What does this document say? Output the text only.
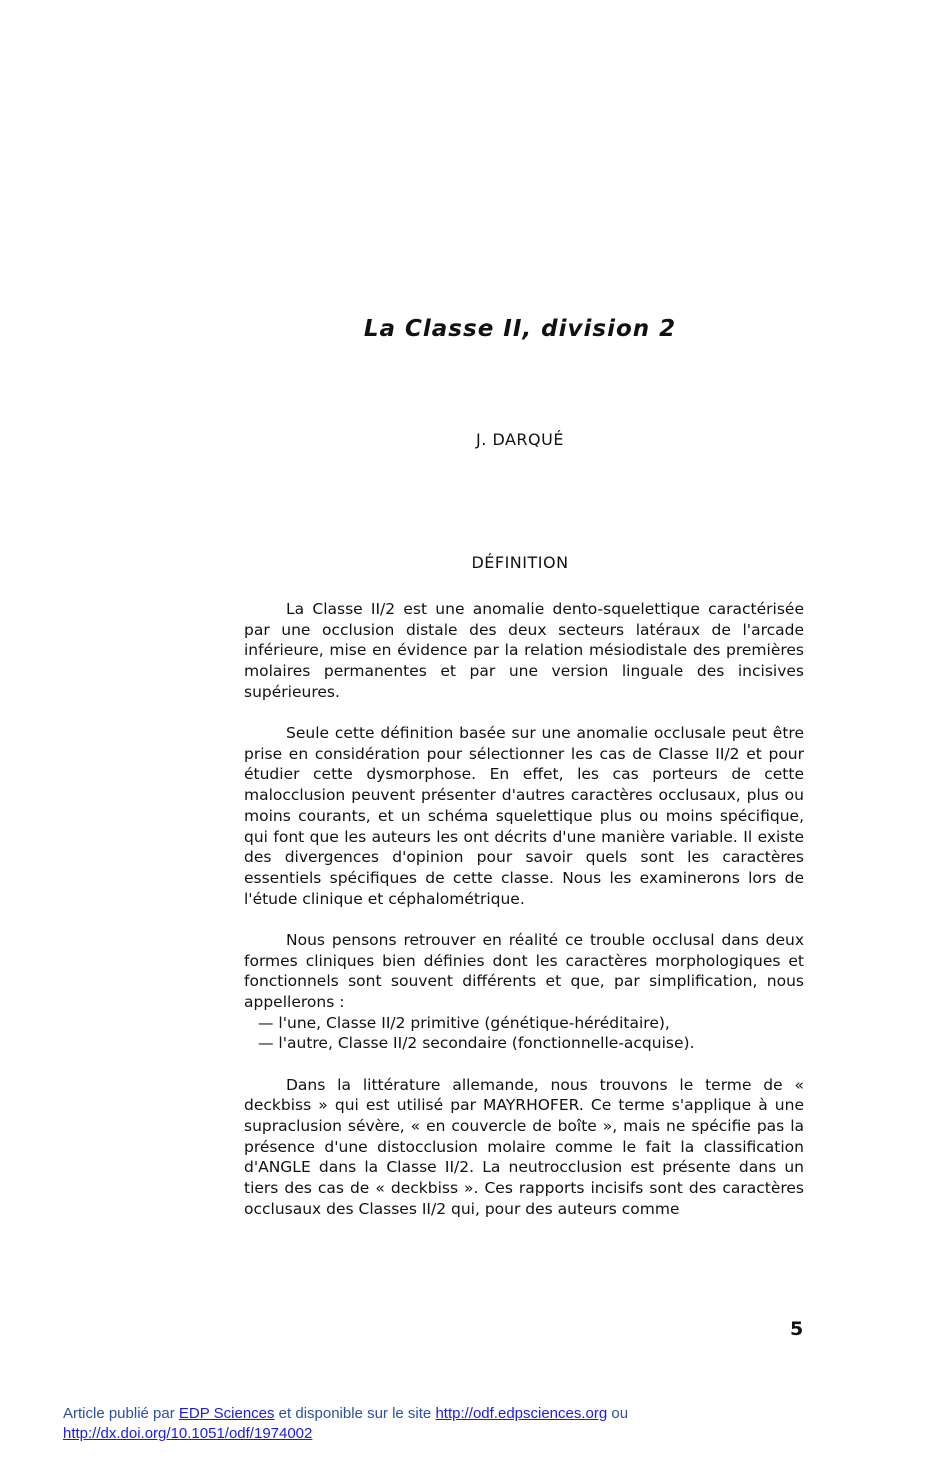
La Classe II, division 2
J. DARQUÉ
DÉFINITION

La Classe II/2 est une anomalie dento-squelettique caractérisée par une occlusion distale des deux secteurs latéraux de l'arcade inférieure, mise en évidence par la relation mésiodistale des premières molaires permanentes et par une version linguale des incisives supérieures.

Seule cette définition basée sur une anomalie occlusale peut être prise en considération pour sélectionner les cas de Classe II/2 et pour étudier cette dysmorphose. En effet, les cas porteurs de cette malocclusion peuvent présenter d'autres caractères occlusaux, plus ou moins courants, et un schéma squelettique plus ou moins spécifique, qui font que les auteurs les ont décrits d'une manière variable. Il existe des divergences d'opinion pour savoir quels sont les caractères essentiels spécifiques de cette classe. Nous les examinerons lors de l'étude clinique et céphalométrique.

Nous pensons retrouver en réalité ce trouble occlusal dans deux formes cliniques bien définies dont les caractères morphologiques et fonctionnels sont souvent différents et que, par simplification, nous appellerons :

— l'une, Classe II/2 primitive (génétique-héréditaire),

— l'autre, Classe II/2 secondaire (fonctionnelle-acquise).

Dans la littérature allemande, nous trouvons le terme de « deckbiss » qui est utilisé par MAYRHOFER. Ce terme s'applique à une supraclusion sévère, « en couvercle de boîte », mais ne spécifie pas la présence d'une distocclusion molaire comme le fait la classification d'ANGLE dans la Classe II/2. La neutrocclusion est présente dans un tiers des cas de « deckbiss ». Ces rapports incisifs sont des caractères occlusaux des Classes II/2 qui, pour des auteurs comme

5
Article publié par EDP Sciences et disponible sur le site http://odf.edpsciences.org ou
http://dx.doi.org/10.1051/odf/1974002
